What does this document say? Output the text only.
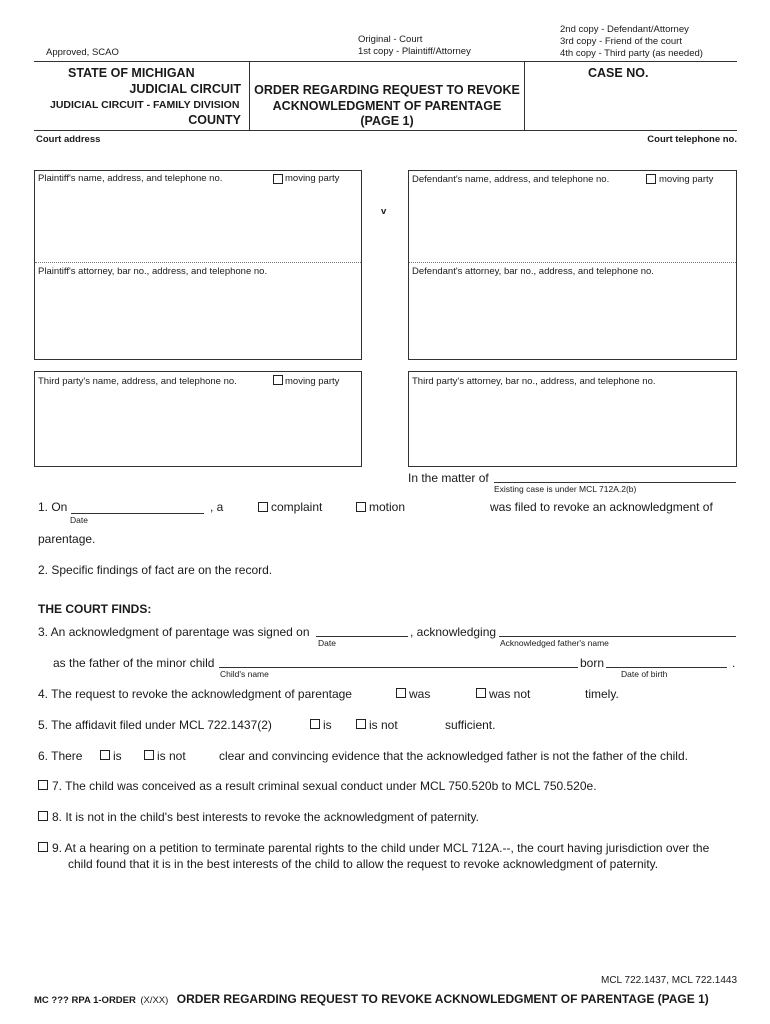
Approved, SCAO
Original - Court
1st copy - Plaintiff/Attorney
2nd copy - Defendant/Attorney
3rd copy - Friend of the court
4th copy - Third party (as needed)
STATE OF MICHIGAN
JUDICIAL CIRCUIT
JUDICIAL CIRCUIT - FAMILY DIVISION
COUNTY
ORDER REGARDING REQUEST TO REVOKE
ACKNOWLEDGMENT OF PARENTAGE
(PAGE 1)
CASE NO.
Court address	Court telephone no.
Plaintiff's name, address, and telephone no.	moving party
Plaintiff's attorney, bar no., address, and telephone no.
v
Defendant's name, address, and telephone no.	moving party
Defendant's attorney, bar no., address, and telephone no.
Third party's name, address, and telephone no.	moving party	Third party's attorney, bar no., address, and telephone no.
In the matter of
Existing case is under MCL 712A.2(b)
1. On
Date
, a	complaint	motion	was filed to revoke an acknowledgment of
parentage.
2. Specific findings of fact are on the record.
THE COURT FINDS:
3. An acknowledgment of parentage was signed on
Date
, acknowledging
Acknowledged father's name
as the father of the minor child
Child's name
born
Date of birth
.
4. The request to revoke the acknowledgment of parentage	was	was not	timely.
5. The affidavit filed under MCL 722.1437(2)	is	is not	sufficient.
6. There	is	is not	clear and convincing evidence that the acknowledged father is not the father of the child.
7. The child was conceived as a result criminal sexual conduct under MCL 750.520b to MCL 750.520e.
8. It is not in the child's best interests to revoke the acknowledgment of paternity.
9. At a hearing on a petition to terminate parental rights to the child under MCL 712A.--, the court having jurisdiction over the
child found that it is in the best interests of the child to allow the request to revoke acknowledgment of paternity.
MCL 722.1437, MCL 722.1443
MC ??? RPA 1-ORDER (X/XX) ORDER REGARDING REQUEST TO REVOKE ACKNOWLEDGMENT OF PARENTAGE (PAGE 1)
